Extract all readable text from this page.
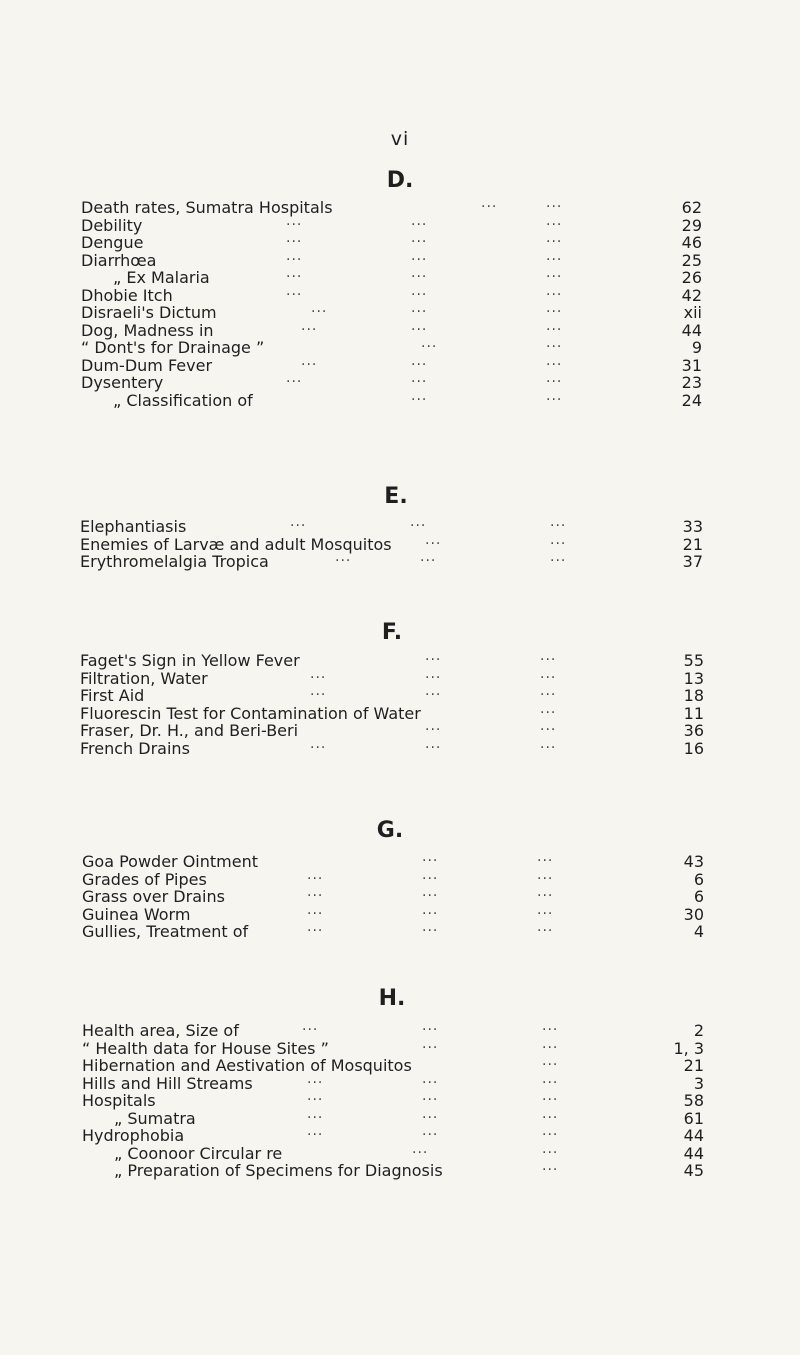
vi
D.
Death rates, Sumatra Hospitals	···	···	62
Debility	···	···	···	29
Dengue	···	···	···	46
Diarrhœa	···	···	···	25
„ Ex Malaria	···	···	···	26
Dhobie Itch	···	···	···	42
Disraeli's Dictum	···	···	···	xii
Dog, Madness in	···	···	···	44
“ Dont's for Drainage ”	···	···	9
Dum-Dum Fever	···	···	···	31
Dysentery	···	···	···	23
„ Classification of	···	···	24
E.
Elephantiasis	···	···	···	33
Enemies of Larvæ and adult Mosquitos ···	···	21
Erythromelalgia Tropica	···	···	···	37
F.
Faget's Sign in Yellow Fever	···	···	55
Filtration, Water	···	···	···	13
First Aid	···	···	···	18
Fluorescin Test for Contamination of Water	···	11
Fraser, Dr. H., and Beri-Beri	···	···	36
French Drains	···	···	···	16
G.
Goa Powder Ointment	···	···	43
Grades of Pipes	···	···	···	6
Grass over Drains	···	···	···	6
Guinea Worm	···	···	···	30
Gullies, Treatment of	···	···	···	4
H.
Health area, Size of	···	···	···	2
“ Health data for House Sites ”	···	···	1, 3
Hibernation and Aestivation of Mosquitos	···	21
Hills and Hill Streams	···	···	···	3
Hospitals	···	···	···	58
„ Sumatra	···	···	···	61
Hydrophobia	···	···	···	44
„ Coonoor Circular re	···	···	44
„ Preparation of Specimens for Diagnosis	···	45
